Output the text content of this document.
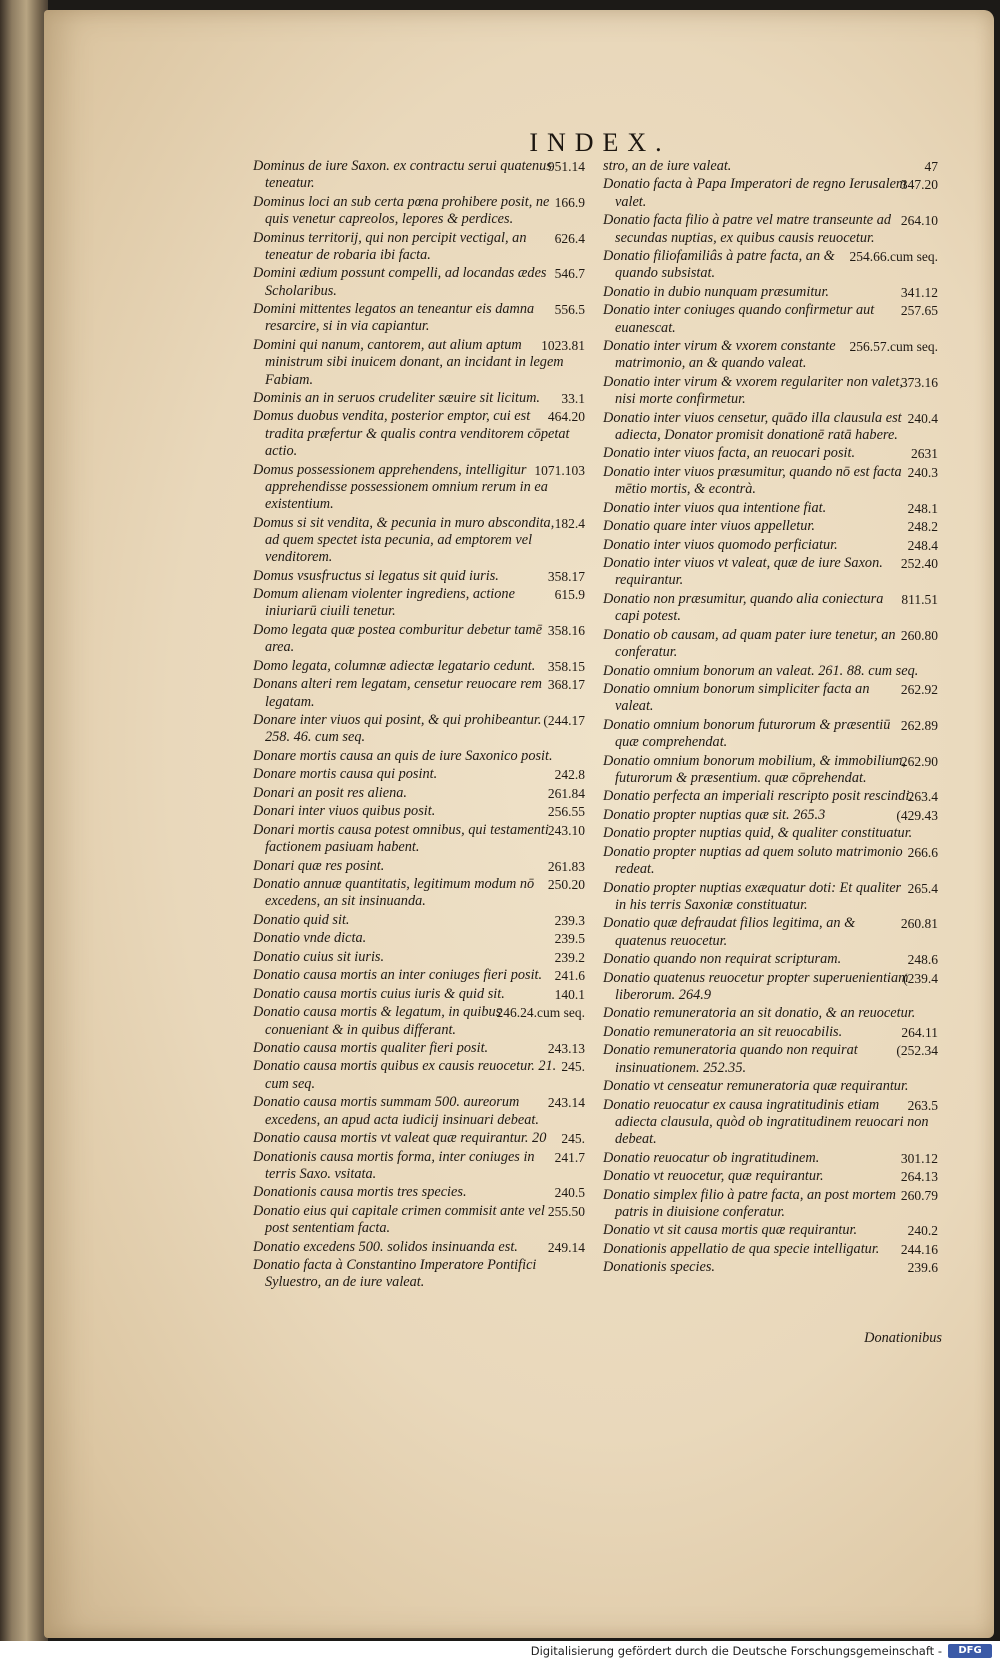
INDEX.
951.14
Dominus de iure Saxon. ex contractu serui quatenus teneatur.
166.9
Dominus loci an sub certa pœna prohibere posit, ne quis venetur capreolos, lepores & perdices.
626.4
Dominus territorij, qui non percipit vectigal, an teneatur de robaria ibi facta.
546.7
Domini ædium possunt compelli, ad locandas ædes Scholaribus.
556.5
Domini mittentes legatos an teneantur eis damna resarcire, si in via capiantur.
1023.81
Domini qui nanum, cantorem, aut alium aptum ministrum sibi inuicem donant, an incidant in legem Fabiam.
33.1
Dominis an in seruos crudeliter sæuire sit licitum.
464.20
Domus duobus vendita, posterior emptor, cui est tradita præfertur & qualis contra venditorem cōpetat actio.
1071.103
Domus possessionem apprehendens, intelligitur apprehendisse possessionem omnium rerum in ea existentium.
182.4
Domus si sit vendita, & pecunia in muro abscondita, ad quem spectet ista pecunia, ad emptorem vel venditorem.
358.17
Domus vsusfructus si legatus sit quid iuris.
615.9
Domum alienam violenter ingrediens, actione iniuriarū ciuili tenetur.
358.16
Domo legata quæ postea comburitur debetur tamē area.
358.15
Domo legata, columnæ adiectæ legatario cedunt.
368.17
Donans alteri rem legatam, censetur reuocare rem legatam.
(244.17
Donare inter viuos qui posint, & qui prohibeantur. 258. 46. cum seq.
Donare mortis causa an quis de iure Saxonico posit.
242.8
Donare mortis causa qui posint.
261.84
Donari an posit res aliena.
256.55
Donari inter viuos quibus posit.
243.10
Donari mortis causa potest omnibus, qui testamenti factionem pasiuam habent.
261.83
Donari quæ res posint.
250.20
Donatio annuæ quantitatis, legitimum modum nō excedens, an sit insinuanda.
239.3
Donatio quid sit.
239.5
Donatio vnde dicta.
239.2
Donatio cuius sit iuris.
241.6
Donatio causa mortis an inter coniuges fieri posit.
140.1
Donatio causa mortis cuius iuris & quid sit.
246.24.cum seq.
Donatio causa mortis & legatum, in quibus conueniant & in quibus differant.
243.13
Donatio causa mortis qualiter fieri posit.
245.
Donatio causa mortis quibus ex causis reuocetur. 21. cum seq.
243.14
Donatio causa mortis summam 500. aureorum excedens, an apud acta iudicij insinuari debeat.
245.
Donatio causa mortis vt valeat quæ requirantur. 20
241.7
Donationis causa mortis forma, inter coniuges in terris Saxo. vsitata.
240.5
Donationis causa mortis tres species.
255.50
Donatio eius qui capitale crimen commisit ante vel post sententiam facta.
249.14
Donatio excedens 500. solidos insinuanda est.
Donatio facta à Constantino Imperatore Pontifici Syluestro, an de iure valeat.
47
stro, an de iure valeat.
347.20
Donatio facta à Papa Imperatori de regno Ierusalem valet.
264.10
Donatio facta filio à patre vel matre transeunte ad secundas nuptias, ex quibus causis reuocetur.
254.66.cum seq.
Donatio filiofamiliâs à patre facta, an & quando subsistat.
341.12
Donatio in dubio nunquam præsumitur.
257.65
Donatio inter coniuges quando confirmetur aut euanescat.
256.57.cum seq.
Donatio inter virum & vxorem constante matrimonio, an & quando valeat.
373.16
Donatio inter virum & vxorem regulariter non valet, nisi morte confirmetur.
240.4
Donatio inter viuos censetur, quādo illa clausula est adiecta, Donator promisit donationē ratā habere.
2631
Donatio inter viuos facta, an reuocari posit.
240.3
Donatio inter viuos præsumitur, quando nō est facta mētio mortis, & econtrà.
248.1
Donatio inter viuos qua intentione fiat.
248.2
Donatio quare inter viuos appelletur.
248.4
Donatio inter viuos quomodo perficiatur.
252.40
Donatio inter viuos vt valeat, quæ de iure Saxon. requirantur.
811.51
Donatio non præsumitur, quando alia coniectura capi potest.
260.80
Donatio ob causam, ad quam pater iure tenetur, an conferatur.
Donatio omnium bonorum an valeat. 261. 88. cum seq.
262.92
Donatio omnium bonorum simpliciter facta an valeat.
262.89
Donatio omnium bonorum futurorum & præsentiū quæ comprehendat.
262.90
Donatio omnium bonorum mobilium, & immobilium, futurorum & præsentium. quæ cōprehendat.
263.4
Donatio perfecta an imperiali rescripto posit rescindi.
(429.43
Donatio propter nuptias quæ sit. 265.3
Donatio propter nuptias quid, & qualiter constituatur.
266.6
Donatio propter nuptias ad quem soluto matrimonio redeat.
265.4
Donatio propter nuptias exæquatur doti: Et qualiter in his terris Saxoniæ constituatur.
260.81
Donatio quæ defraudat filios legitima, an & quatenus reuocetur.
248.6
Donatio quando non requirat scripturam.
(239.4
Donatio quatenus reuocetur propter superuenientiam liberorum. 264.9
Donatio remuneratoria an sit donatio, & an reuocetur.
264.11
Donatio remuneratoria an sit reuocabilis.
(252.34
Donatio remuneratoria quando non requirat insinuationem. 252.35.
Donatio vt censeatur remuneratoria quæ requirantur.
263.5
Donatio reuocatur ex causa ingratitudinis etiam adiecta clausula, quòd ob ingratitudinem reuocari non debeat.
301.12
Donatio reuocatur ob ingratitudinem.
264.13
Donatio vt reuocetur, quæ requirantur.
260.79
Donatio simplex filio à patre facta, an post mortem patris in diuisione conferatur.
240.2
Donatio vt sit causa mortis quæ requirantur.
244.16
Donationis appellatio de qua specie intelligatur.
239.6
Donationis species.
Donationibus
Digitalisierung gefördert durch die Deutsche Forschungsgemeinschaft -	DFG
